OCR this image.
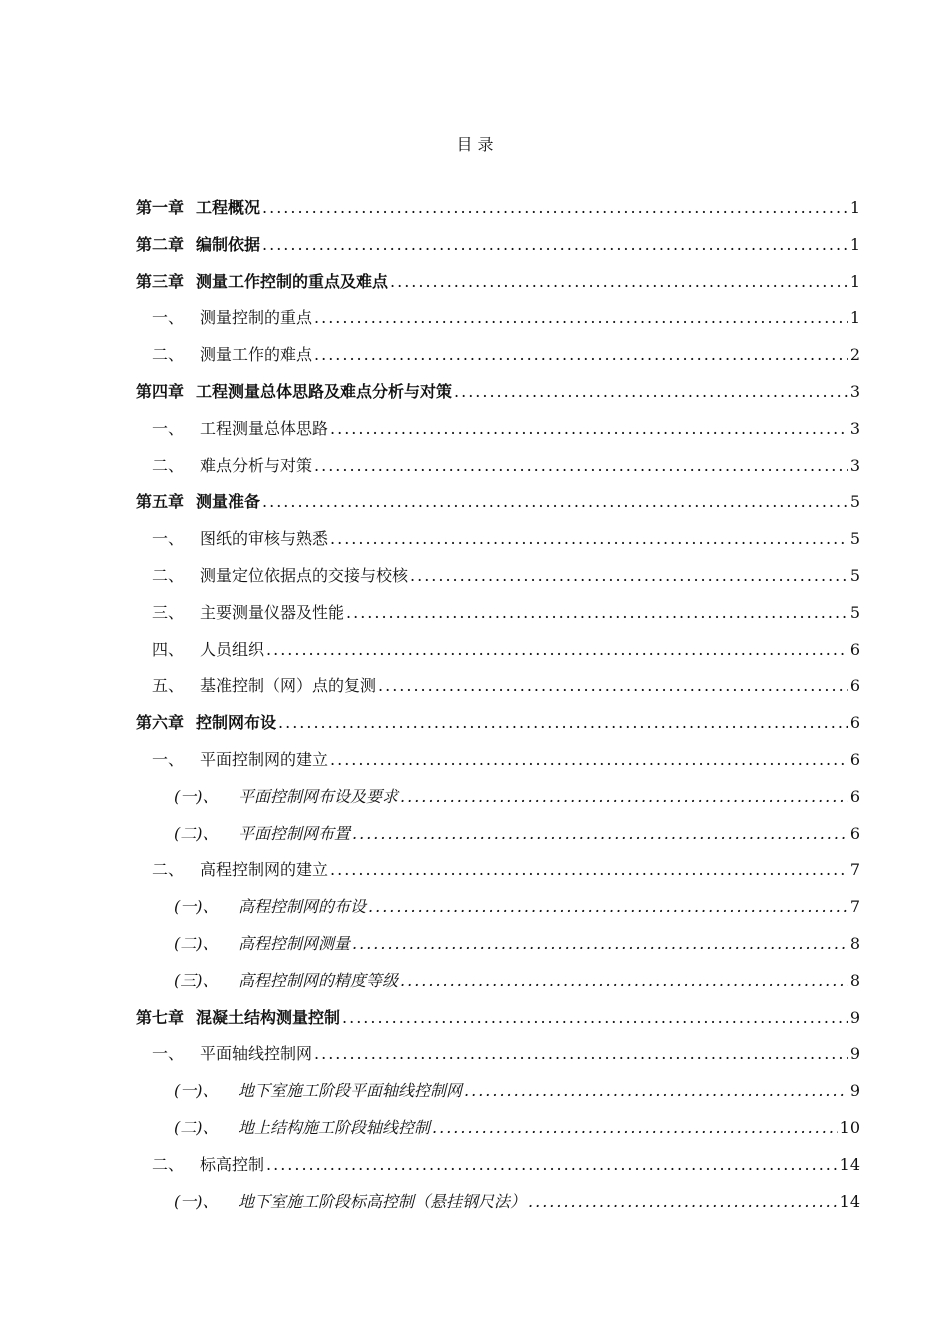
目 录
第一章 工程概况 .....	1
第二章 编制依据 .....	1
第三章 测量工作控制的重点及难点 .....	1
一、 测量控制的重点 .....	1
二、 测量工作的难点 .....	2
第四章 工程测量总体思路及难点分析与对策 .....	3
一、 工程测量总体思路 .....	3
二、 难点分析与对策 .....	3
第五章 测量准备 .....	5
一、 图纸的审核与熟悉 .....	5
二、 测量定位依据点的交接与校核 .....	5
三、 主要测量仪器及性能 .....	5
四、 人员组织 .....	6
五、 基准控制（网）点的复测 .....	6
第六章 控制网布设 .....	6
一、 平面控制网的建立 .....	6
(一)、	平面控制网布设及要求 .....	6
(二)、	平面控制网布置 .....	6
二、 高程控制网的建立 .....	7
(一)、	高程控制网的布设 .....	7
(二)、	高程控制网测量 .....	8
(三)、	高程控制网的精度等级 .....	8
第七章 混凝土结构测量控制 .....	9
一、 平面轴线控制网 .....	9
(一)、	地下室施工阶段平面轴线控制网 .....	9
(二)、	地上结构施工阶段轴线控制 .....	10
二、 标高控制 .....	14
(一)、	地下室施工阶段标高控制（悬挂钢尺法） .....	14
